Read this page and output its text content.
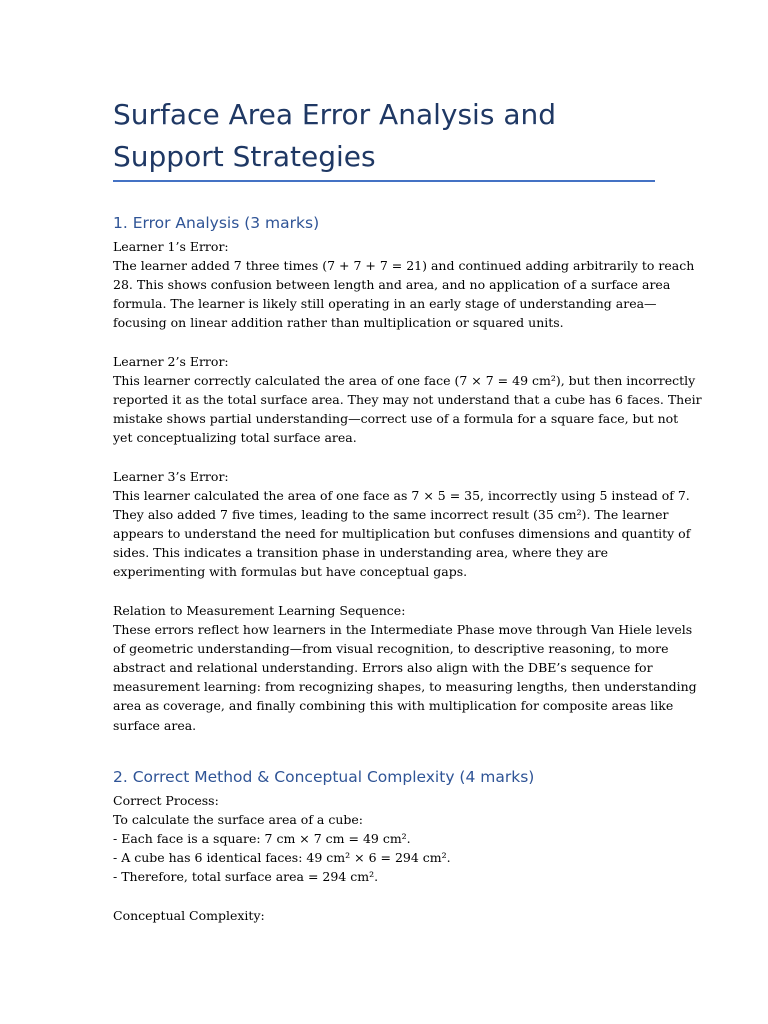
Surface Area Error Analysis and Support Strategies
1. Error Analysis (3 marks)
Learner 1’s Error:
The learner added 7 three times (7 + 7 + 7 = 21) and continued adding arbitrarily to reach
28. This shows confusion between length and area, and no application of a surface area
formula. The learner is likely still operating in an early stage of understanding area—
focusing on linear addition rather than multiplication or squared units.
Learner 2’s Error:
This learner correctly calculated the area of one face (7 × 7 = 49 cm²), but then incorrectly
reported it as the total surface area. They may not understand that a cube has 6 faces. Their
mistake shows partial understanding—correct use of a formula for a square face, but not
yet conceptualizing total surface area.
Learner 3’s Error:
This learner calculated the area of one face as 7 × 5 = 35, incorrectly using 5 instead of 7.
They also added 7 five times, leading to the same incorrect result (35 cm²). The learner
appears to understand the need for multiplication but confuses dimensions and quantity of
sides. This indicates a transition phase in understanding area, where they are
experimenting with formulas but have conceptual gaps.
Relation to Measurement Learning Sequence:
These errors reflect how learners in the Intermediate Phase move through Van Hiele levels
of geometric understanding—from visual recognition, to descriptive reasoning, to more
abstract and relational understanding. Errors also align with the DBE’s sequence for
measurement learning: from recognizing shapes, to measuring lengths, then understanding
area as coverage, and finally combining this with multiplication for composite areas like
surface area.
2. Correct Method & Conceptual Complexity (4 marks)
Correct Process:
To calculate the surface area of a cube:
- Each face is a square: 7 cm × 7 cm = 49 cm².
- A cube has 6 identical faces: 49 cm² × 6 = 294 cm².
- Therefore, total surface area = 294 cm².
Conceptual Complexity:
